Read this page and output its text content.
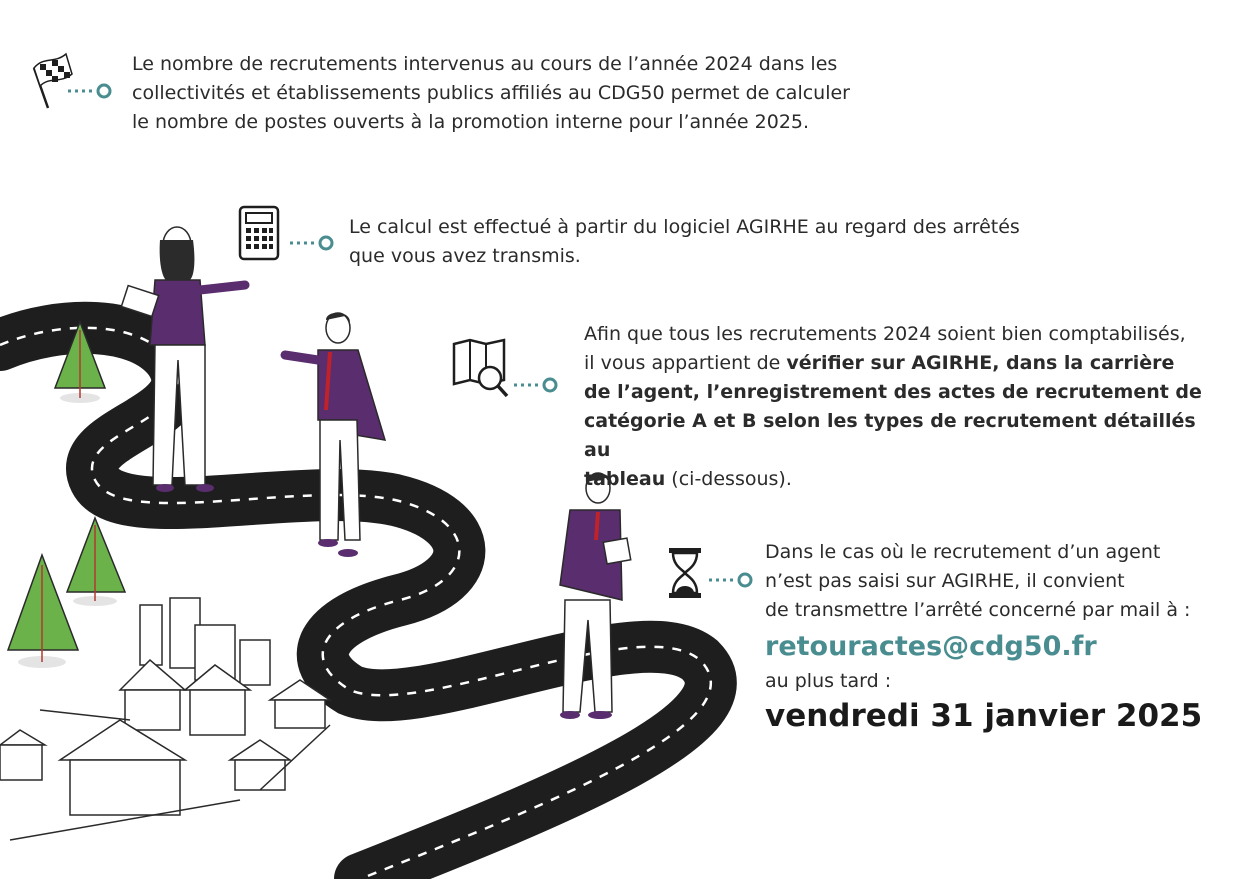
Le nombre de recrutements intervenus au cours de l’année 2024 dans les

collectivités et établissements publics affiliés au CDG50 permet de calculer

le nombre de postes ouverts à la promotion interne pour l’année 2025.

Le calcul est effectué à partir du logiciel AGIRHE au regard des arrêtés

que vous avez transmis.

Afin que tous les recrutements 2024 soient bien comptabilisés,

il vous appartient de vérifier sur AGIRHE, dans la carrière

de l’agent, l’enregistrement des actes de recrutement de

catégorie A et B selon les types de recrutement détaillés au

tableau (ci-dessous).

Dans le cas où le recrutement d’un agent

n’est pas saisi sur AGIRHE, il convient

de transmettre l’arrêté concerné par mail à :

retouractes@cdg50.fr

au plus tard :

vendredi 31 janvier 2025
